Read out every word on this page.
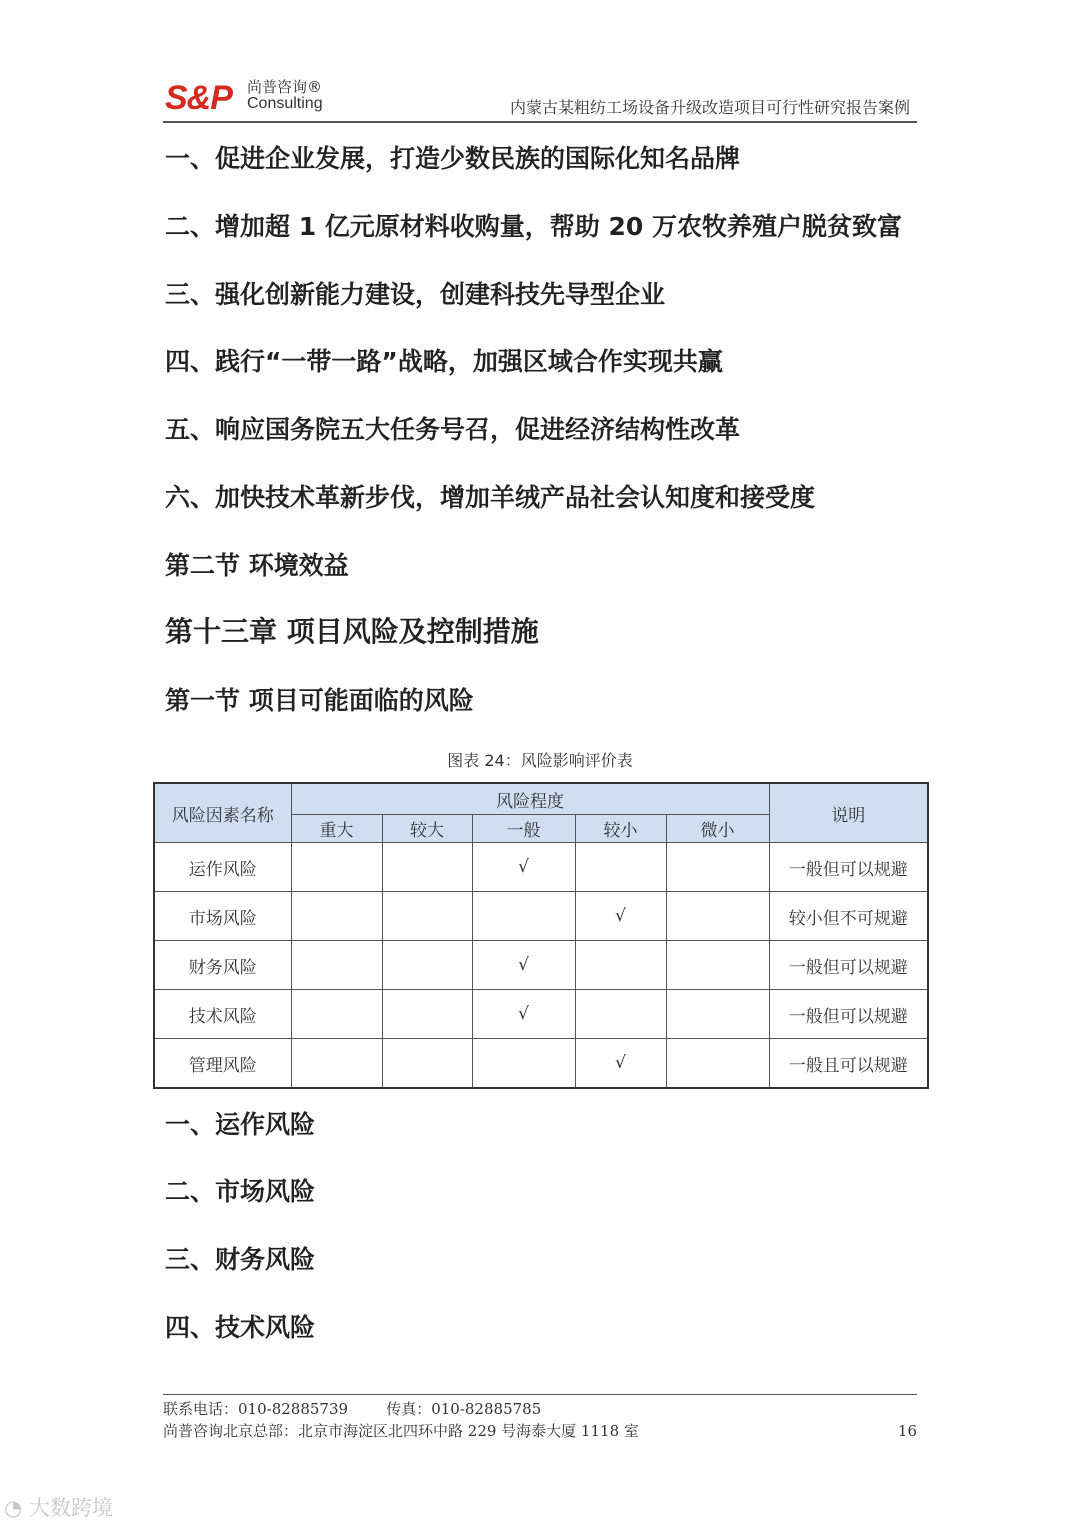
S&P 尚普咨询®
Consulting	内蒙古某粗纺工场设备升级改造项目可行性研究报告案例
一、促进企业发展，打造少数民族的国际化知名品牌
二、增加超 1 亿元原材料收购量，帮助 20 万农牧养殖户脱贫致富
三、强化创新能力建设，创建科技先导型企业
四、践行“一带一路”战略，加强区域合作实现共赢
五、响应国务院五大任务号召，促进经济结构性改革
六、加快技术革新步伐，增加羊绒产品社会认知度和接受度
第二节 环境效益
第十三章 项目风险及控制措施
第一节 项目可能面临的风险
图表 24：风险影响评价表
风险因素名称	风险程度					说明
	重大	较大	一般	较小	微小	
运作风险			√			一般但可以规避
市场风险				√		较小但不可规避
财务风险			√			一般但可以规避
技术风险			√			一般但可以规避
管理风险				√		一般且可以规避
一、运作风险
二、市场风险
三、财务风险
四、技术风险
联系电话：010-82885739        传真：010-82885785
尚普咨询北京总部：北京市海淀区北四环中路 229 号海泰大厦 1118 室	16
◔ 大数跨境
